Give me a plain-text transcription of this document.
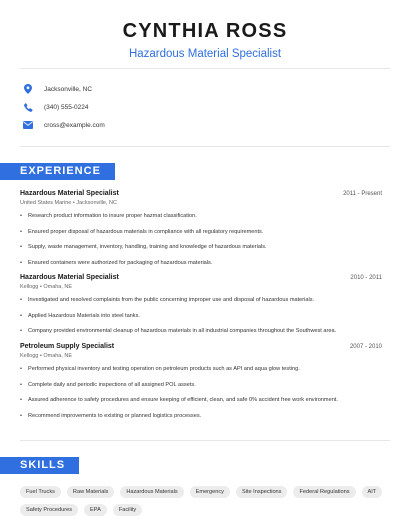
CYNTHIA ROSS
Hazardous Material Specialist
Jacksonville, NC
(340) 555-0224
cross@example.com
EXPERIENCE
Hazardous Material Specialist	2011 - Present
United States Marine • Jacksonville, NC
• Research product information to insure proper hazmat classification.
• Ensured proper disposal of hazardous materials in compliance with all regulatory requirements.
• Supply, waste management, inventory, handling, training and knowledge of hazardous materials.
• Ensured containers were authorized for packaging of hazardous materials.
Hazardous Material Specialist	2010 - 2011
Kellogg • Omaha, NE
• Investigated and resolved complaints from the public concerning improper use and disposal of hazardous materials.
• Applied Hazardous Materials into steel tanks.
• Company provided environmental cleanup of hazardous materials in all industrial companies throughout the Southwest area.
Petroleum Supply Specialist	2007 - 2010
Kellogg • Omaha, NE
• Performed physical inventory and testing operation on petroleum products such as API and aqua glow testing.
• Complete daily and periodic inspections of all assigned POL assets.
• Assured adherence to safety procedures and ensure keeping of efficient, clean, and safe 0% accident free work environment.
• Recommend improvements to existing or planned logistics processes.
SKILLS
Fuel Trucks	Raw Materials	Hazardous Materials	Emergency	Site Inspections	Federal Regulations	AIT
Safety Procedures	EPA	Facility
